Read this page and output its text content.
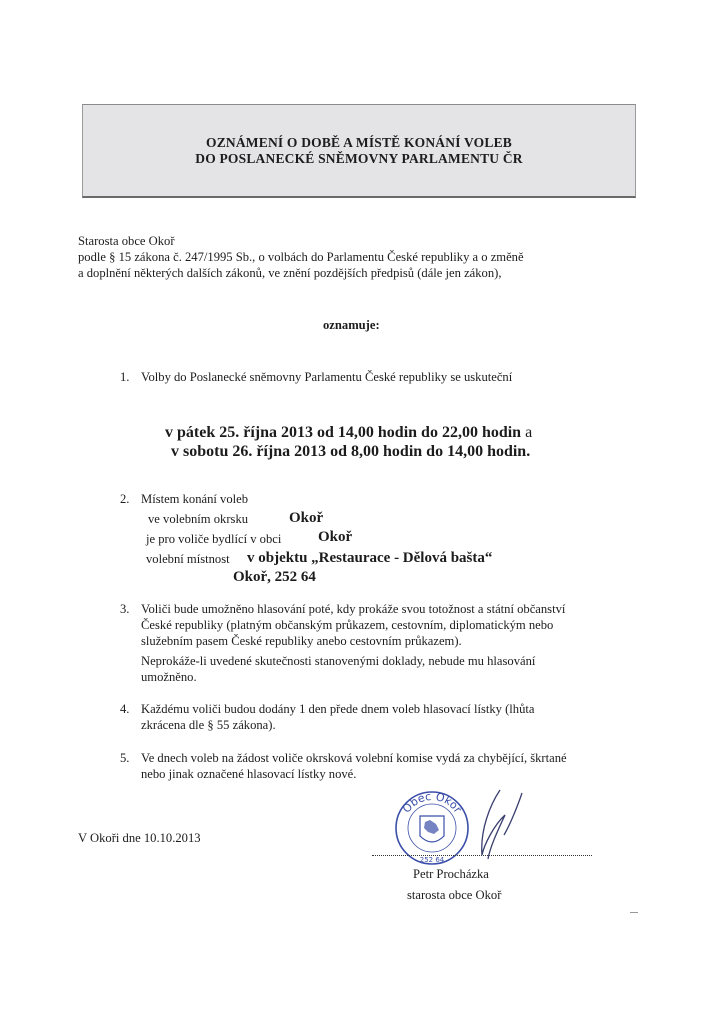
OZNÁMENÍ O DOBĚ A MÍSTĚ KONÁNÍ VOLEB
DO POSLANECKÉ SNĚMOVNY PARLAMENTU ČR
Starosta obce Okoř
podle § 15 zákona č. 247/1995 Sb., o volbách do Parlamentu České republiky a o změně
a doplnění některých dalších zákonů, ve znění pozdějších předpisů (dále jen zákon),
oznamuje:
1. Volby do Poslanecké sněmovny Parlamentu České republiky se uskuteční
v pátek 25. října 2013 od 14,00 hodin do 22,00 hodin a
v sobotu 26. října 2013 od 8,00 hodin do 14,00 hodin.
2. Místem konání voleb
ve volebním okrsku	Okoř
je pro voliče bydlící v obci Okoř
volební místnost v objektu „Restaurace - Dělová bašta“
Okoř, 252 64
3. Voliči bude umožněno hlasování poté, kdy prokáže svou totožnost a státní občanství
České republiky (platným občanským průkazem, cestovním, diplomatickým nebo
služebním pasem České republiky anebo cestovním průkazem).
Neprokáže-li uvedené skutečnosti stanovenými doklady, nebude mu hlasování
umožněno.
4. Každému voliči budou dodány 1 den přede dnem voleb hlasovací lístky (lhůta
zkrácena dle § 55 zákona).
5. Ve dnech voleb na žádost voliče okrsková volební komise vydá za chybějící, škrtané
nebo jinak označené hlasovací lístky nové.
V Okoři dne 10.10.2013
Obec Okoř
252 64
Petr Procházka
starosta obce Okoř
